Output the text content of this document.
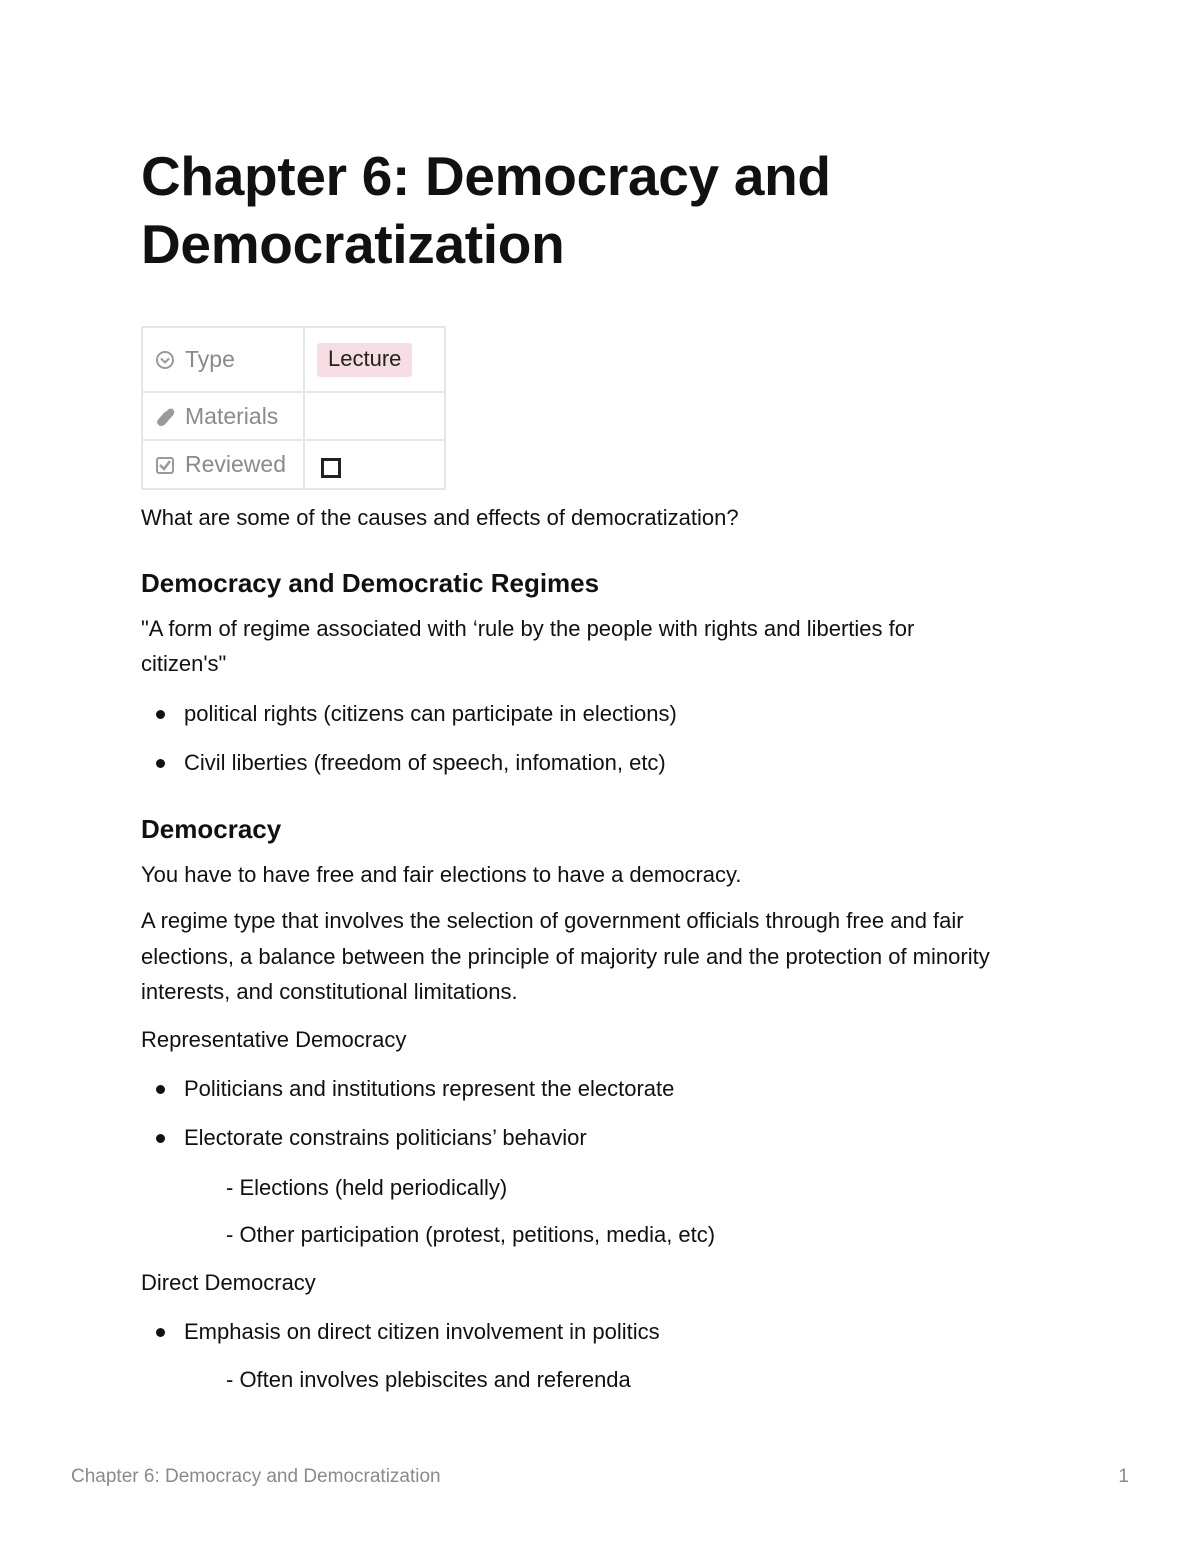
Chapter 6: Democracy and Democratization
Type	Lecture

Materials	

Reviewed	

What are some of the causes and effects of democratization?

Democracy and Democratic Regimes

"A form of regime associated with ‘rule by the people with rights and liberties for

citizen's"

political rights (citizens can participate in elections)

Civil liberties (freedom of speech, infomation, etc)

Democracy

You have to have free and fair elections to have a democracy.

A regime type that involves the selection of government officials through free and fair

elections, a balance between the principle of majority rule and the protection of minority

interests, and constitutional limitations.

Representative Democracy

Politicians and institutions represent the electorate

Electorate constrains politicians’ behavior

- Elections (held periodically)

- Other participation (protest, petitions, media, etc)

Direct Democracy

Emphasis on direct citizen involvement in politics

- Often involves plebiscites and referenda

Chapter 6: Democracy and Democratization	1
